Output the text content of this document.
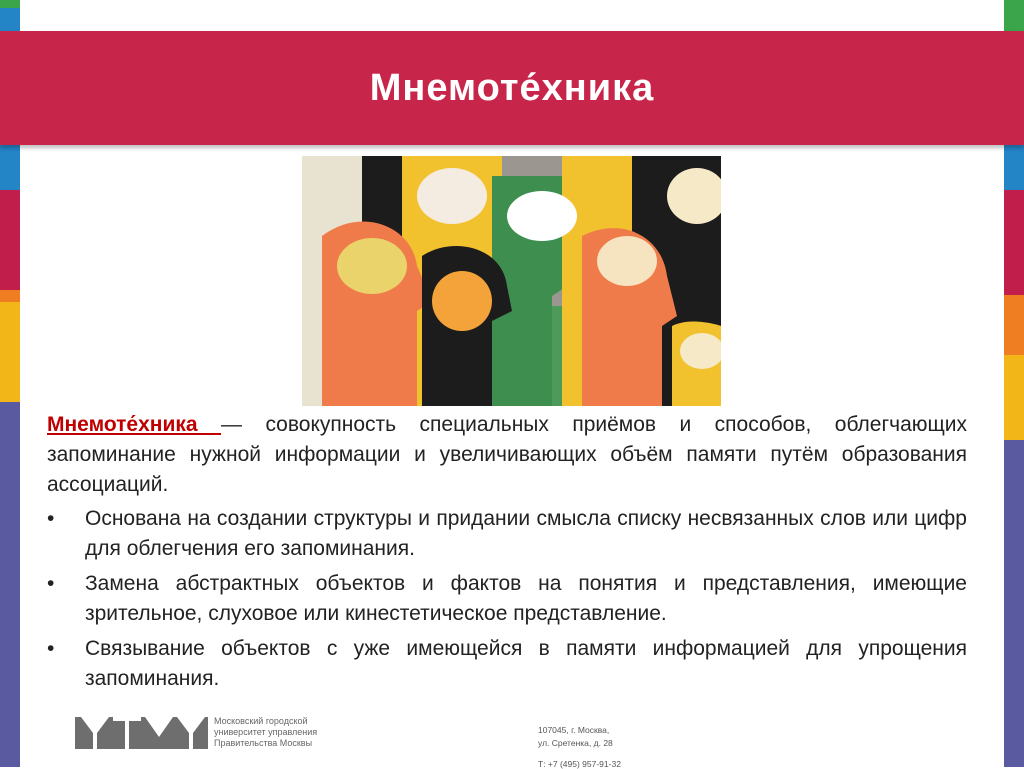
Мнемоте́хника

Мнемоте́хника — совокупность специальных приёмов и способов, облегчающих запоминание нужной информации и увеличивающих объём памяти путём образования ассоциаций.

• Основана на создании структуры и придании смысла списку несвязанных слов или цифр для облегчения его запоминания.
• Замена абстрактных объектов и фактов на понятия и представления, имеющие зрительное, слуховое или кинестетическое представление.
• Связывание объектов с уже имеющейся в памяти информацией для упрощения запоминания.
Московский городской
университет управления
Правительства Москвы
107045, г. Москва,
ул. Сретенка, д. 28
Т: +7 (495) 957-91-32
